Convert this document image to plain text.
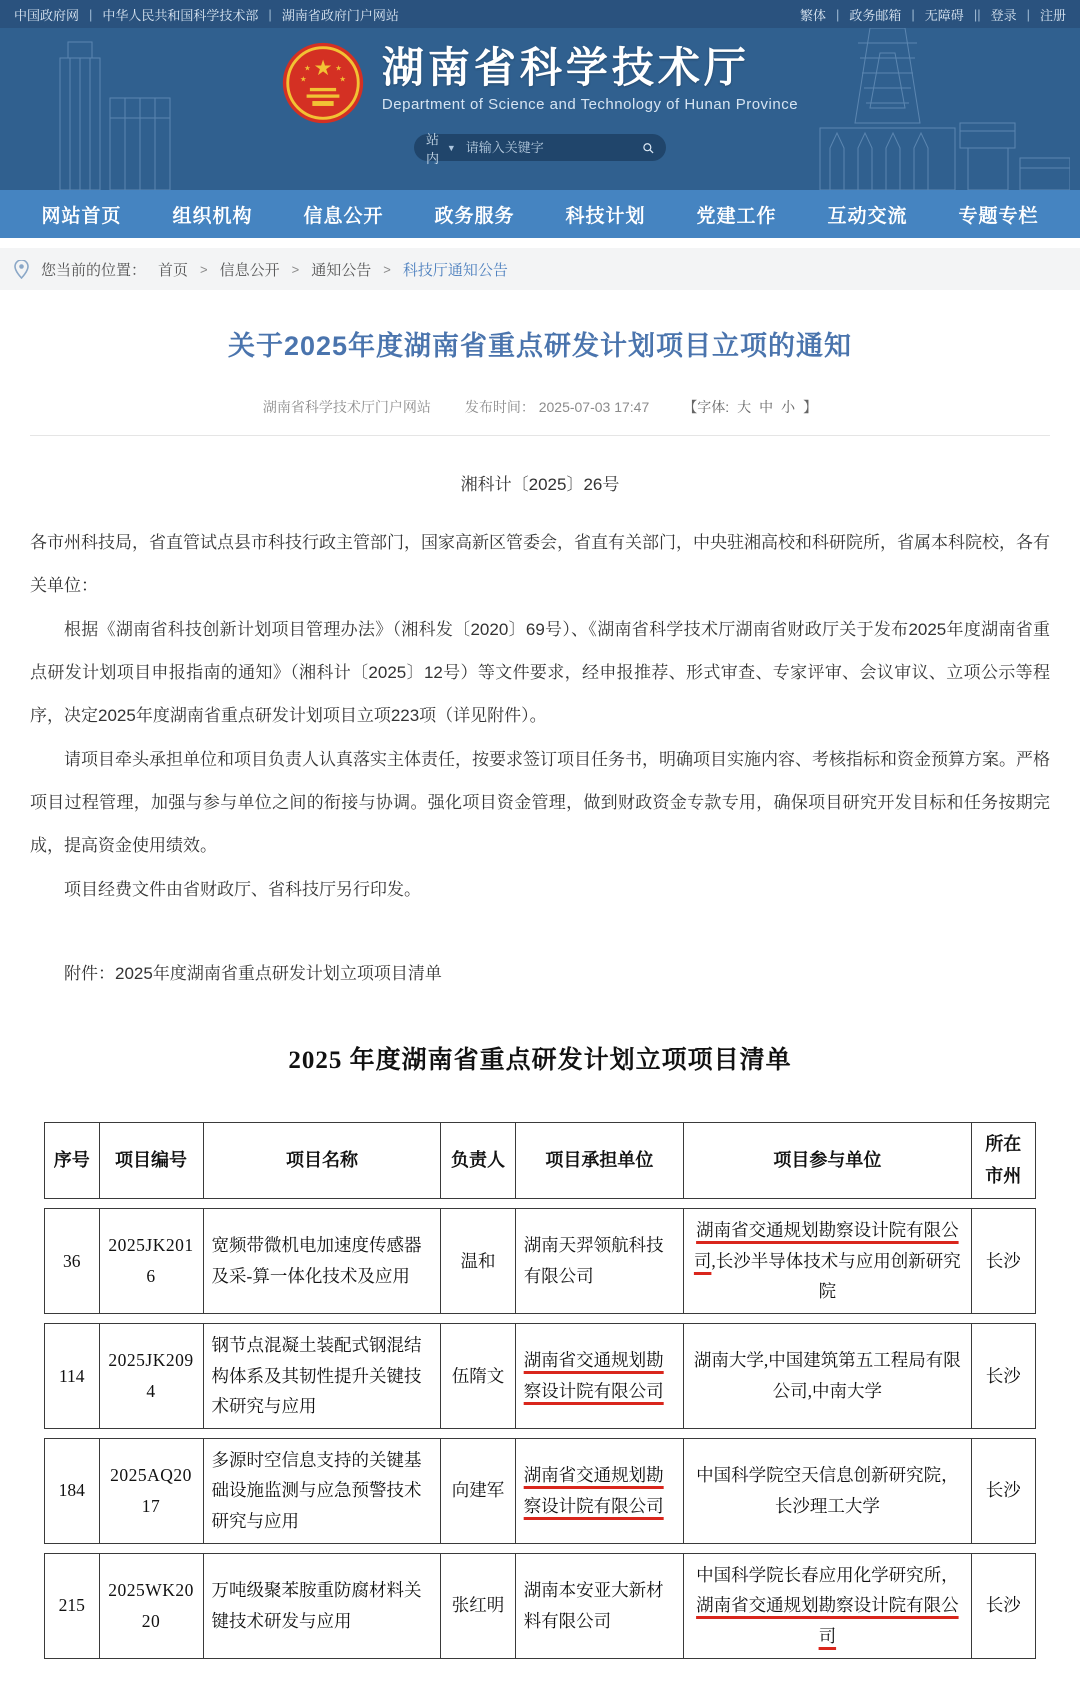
中国政府网 | 中华人民共和国科学技术部 | 湖南省政府门户网站	繁体 | 政务邮箱 | 无障碍 || 登录 | 注册
★
★	★
★	★ 湖南省科学技术厅
Department of Science and Technology of Hunan Province
站内
▼
请输入关键字
网站首页	组织机构	信息公开	政务服务	科技计划	党建工作	互动交流	专题专栏
您当前的位置： 首页 > 信息公开 > 通知公告 > 科技厅通知公告
关于2025年度湖南省重点研发计划项目立项的通知
湖南省科学技术厅门户网站 发布时间： 2025-07-03 17:47 【字体: 大 中 小 】
湘科计〔2025〕26号

各市州科技局，省直管试点县市科技行政主管部门，国家高新区管委会，省直有关部门，中央驻湘高校和科研院所，省属本科院校，各有关单位：

根据《湖南省科技创新计划项目管理办法》（湘科发〔2020〕69号）、《湖南省科学技术厅湖南省财政厅关于发布2025年度湖南省重点研发计划项目申报指南的通知》（湘科计〔2025〕12号）等文件要求，经申报推荐、形式审查、专家评审、会议审议、立项公示等程序，决定2025年度湖南省重点研发计划项目立项223项（详见附件）。

请项目牵头承担单位和项目负责人认真落实主体责任，按要求签订项目任务书，明确项目实施内容、考核指标和资金预算方案。严格项目过程管理，加强与参与单位之间的衔接与协调。强化项目资金管理，做到财政资金专款专用，确保项目研究开发目标和任务按期完成，提高资金使用绩效。

项目经费文件由省财政厅、省科技厅另行印发。

附件：2025年度湖南省重点研发计划立项项目清单
2025 年度湖南省重点研发计划立项项目清单
序号	项目编号	项目名称	负责人	项目承担单位	项目参与单位	所在市州
36	2025JK2016	宽频带微机电加速度传感器及采-算一体化技术及应用	温和	湖南天羿领航科技有限公司	湖南省交通规划勘察设计院有限公司,长沙半导体技术与应用创新研究院	长沙
114	2025JK2094	钢节点混凝土装配式钢混结构体系及其韧性提升关键技术研究与应用	伍隋文	湖南省交通规划勘察设计院有限公司	湖南大学,中国建筑第五工程局有限公司,中南大学	长沙
184	2025AQ2017	多源时空信息支持的关键基础设施监测与应急预警技术研究与应用	向建军	湖南省交通规划勘察设计院有限公司	中国科学院空天信息创新研究院，长沙理工大学	长沙
215	2025WK2020	万吨级聚苯胺重防腐材料关键技术研发与应用	张红明	湖南本安亚大新材料有限公司	中国科学院长春应用化学研究所，湖南省交通规划勘察设计院有限公司	长沙
